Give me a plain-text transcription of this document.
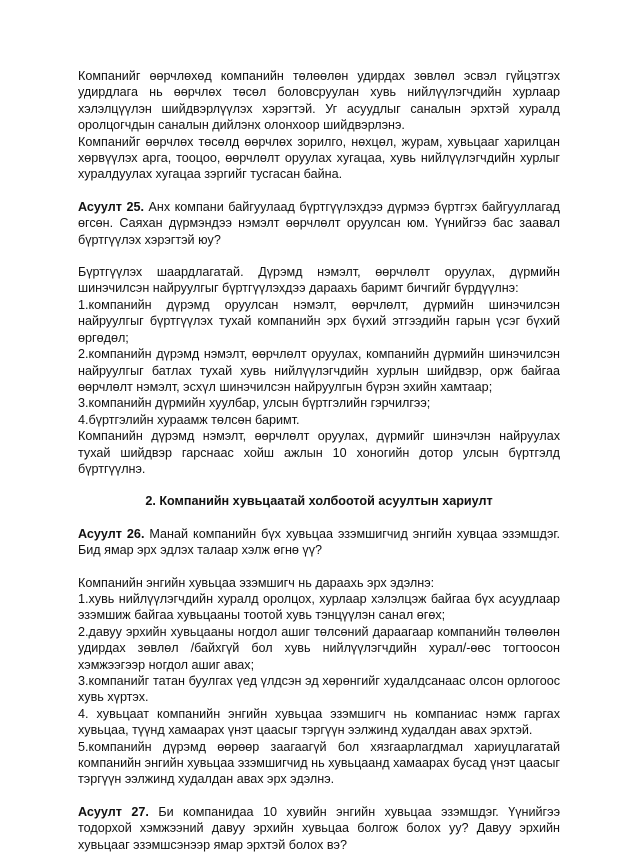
Компанийг өөрчлөхөд компанийн төлөөлөн удирдах зөвлөл эсвэл гүйцэтгэх удирдлага нь өөрчлөх төсөл боловсруулан хувь нийлүүлэгчдийн хурлаар хэлэлцүүлэн шийдвэрлүүлэх хэрэгтэй. Уг асуудлыг саналын эрхтэй хуралд оролцогчдын саналын дийлэнх олонхоор шийдвэрлэнэ.

Компанийг өөрчлөх төсөлд өөрчлөх зорилго, нөхцөл, журам, хувьцааг харилцан хөрвүүлэх арга, тооцоо, өөрчлөлт оруулах хугацаа, хувь нийлүүлэгчдийн хурлыг хуралдуулах хугацаа зэргийг тусгасан байна.

Асуулт 25. Анх компани байгуулаад бүртгүүлэхдээ дүрмээ бүртгэх байгууллагад өгсөн. Саяхан дүрмэндээ нэмэлт өөрчлөлт оруулсан юм. Үүнийгээ бас заавал бүртгүүлэх хэрэгтэй юу?

Бүртгүүлэх шаардлагатай. Дүрэмд нэмэлт, өөрчлөлт оруулах, дүрмийн шинэчилсэн найруулгыг бүртгүүлэхдээ дараахь баримт бичгийг бүрдүүлнэ:

1.компанийн дүрэмд оруулсан нэмэлт, өөрчлөлт, дүрмийн шинэчилсэн найруулгыг бүртгүүлэх тухай компанийн эрх бүхий этгээдийн гарын үсэг бүхий өргөдөл;

2.компанийн дүрэмд нэмэлт, өөрчлөлт оруулах, компанийн дүрмийн шинэчилсэн найруулгыг батлах тухай хувь нийлүүлэгчдийн хурлын шийдвэр, орж байгаа өөрчлөлт нэмэлт, эсхүл шинэчилсэн найруулгын бүрэн эхийн хамтаар;

3.компанийн дүрмийн хуулбар, улсын бүртгэлийн гэрчилгээ;

4.бүртгэлийн хураамж төлсөн баримт.

Компанийн дүрэмд нэмэлт, өөрчлөлт оруулах, дүрмийг шинэчлэн найруулах тухай шийдвэр гарснаас хойш ажлын 10 хоногийн дотор улсын бүртгэлд бүртгүүлнэ.

2. Компанийн хувьцаатай холбоотой асуултын хариулт

Асуулт 26. Манай компанийн бүх хувьцаа эзэмшигчид энгийн хувцаа эзэмшдэг. Бид ямар эрх эдлэх талаар хэлж өгнө үү?

Компанийн энгийн хувьцаа эзэмшигч нь дараахь эрх эдэлнэ:

1.хувь нийлүүлэгчдийн хуралд оролцох, хурлаар хэлэлцэж байгаа бүх асуудлаар эзэмшиж байгаа хувьцааны тоотой хувь тэнцүүлэн санал өгөх;

2.давуу эрхийн хувьцааны ногдол ашиг төлсөний дараагаар компанийн төлөөлөн удирдах зөвлөл /байхгүй бол хувь нийлүүлэгчдийн хурал/-өөс тогтоосон хэмжээгээр ногдол ашиг авах;

3.компанийг татан буулгах үед үлдсэн эд хөрөнгийг худалдсанаас олсон орлогоос хувь хүртэх.

4. хувьцаат компанийн энгийн хувьцаа эзэмшигч нь компаниас нэмж гаргах хувьцаа, түүнд хамаарах үнэт цаасыг тэргүүн ээлжинд худалдан авах эрхтэй.

5.компанийн дүрэмд өөрөөр заагаагүй бол хязгаарлагдмал хариуцлагатай компанийн энгийн хувьцаа эзэмшигчид нь хувьцаанд хамаарах бусад үнэт цаасыг тэргүүн ээлжинд худалдан авах эрх эдэлнэ.

Асуулт 27. Би компанидаа 10 хувийн энгийн хувьцаа эзэмшдэг. Үүнийгээ тодорхой хэмжээний давуу эрхийн хувьцаа болгож болох уу? Давуу эрхийн хувьцааг эзэмшсэнээр ямар эрхтэй болох вэ?
